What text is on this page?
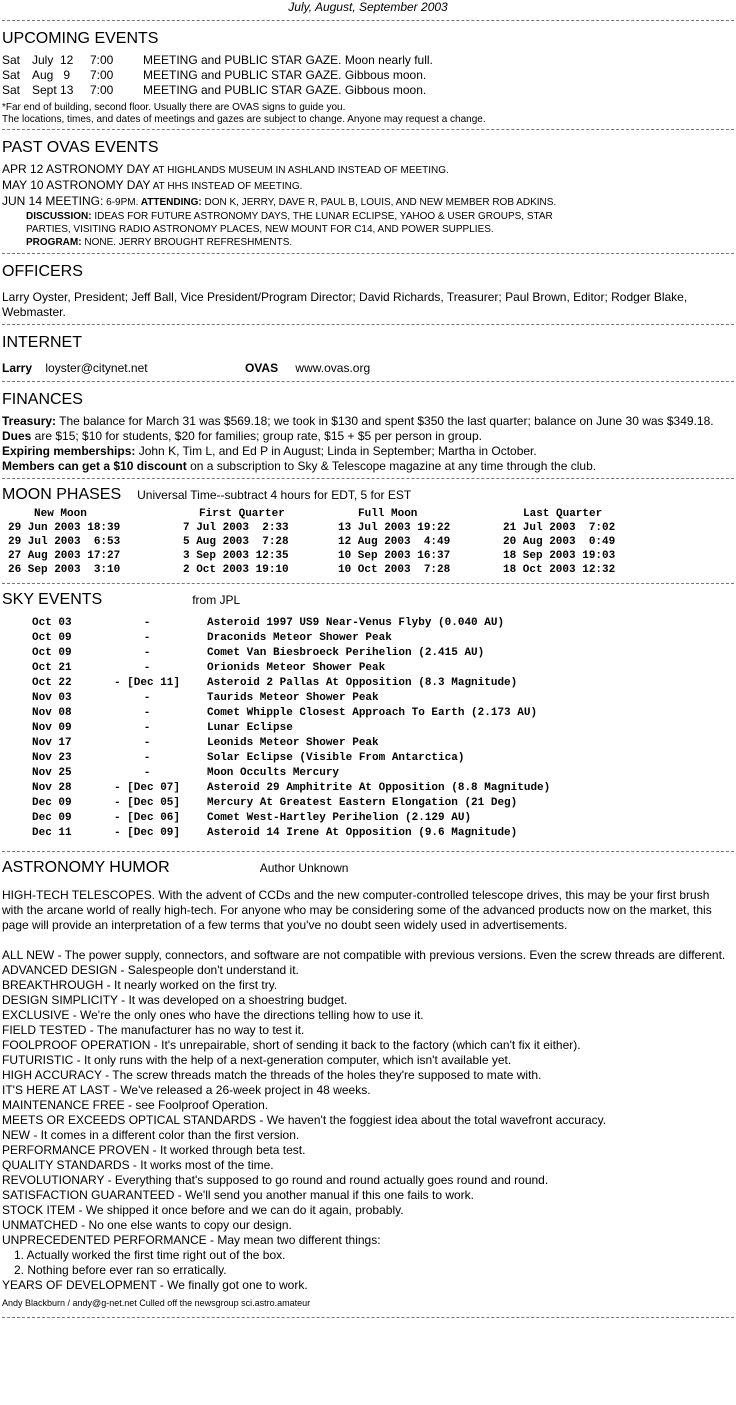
July, August, September 2003
UPCOMING EVENTS
Sat July  12	7:00	MEETING and PUBLIC STAR GAZE. Moon nearly full.
Sat Aug   9	7:00	MEETING and PUBLIC STAR GAZE. Gibbous moon.
Sat Sept 13	7:00	MEETING and PUBLIC STAR GAZE. Gibbous moon.
*Far end of building, second floor. Usually there are OVAS signs to guide you.
The locations, times, and dates of meetings and gazes are subject to change. Anyone may request a change.
PAST OVAS EVENTS
APR 12 ASTRONOMY DAY AT HIGHLANDS MUSEUM IN ASHLAND INSTEAD OF MEETING.
MAY 10 ASTRONOMY DAY AT HHS INSTEAD OF MEETING.
JUN 14 MEETING: 6-9PM. ATTENDING: DON K, JERRY, DAVE R, PAUL B, LOUIS, AND NEW MEMBER ROB ADKINS.
DISCUSSION: IDEAS FOR FUTURE ASTRONOMY DAYS, THE LUNAR ECLIPSE, YAHOO & USER GROUPS, STAR
PARTIES, VISITING RADIO ASTRONOMY PLACES, NEW MOUNT FOR C14, AND POWER SUPPLIES.
PROGRAM: NONE. JERRY BROUGHT REFRESHMENTS.
OFFICERS

Larry Oyster, President; Jeff Ball, Vice President/Program Director; David Richards, Treasurer; Paul Brown, Editor; Rodger Blake, Webmaster.

INTERNET
Larry loyster@citynet.net	OVAS www.ovas.org
FINANCES

Treasury: The balance for March 31 was $569.18; we took in $130 and spent $350 the last quarter; balance on June 30 was $349.18.

Dues are $15; $10 for students, $20 for families; group rate, $15 + $5 per person in group.

Expiring memberships: John K, Tim L, and Ed P in August; Linda in September; Martha in October.

Members can get a $10 discount on a subscription to Sky & Telescope magazine at any time through the club.

MOON PHASES Universal Time--subtract 4 hours for EDT, 5 for EST
New Moon	First Quarter	Full Moon	Last Quarter
29 Jun 2003 18:39	7 Jul 2003  2:33	13 Jul 2003 19:22	21 Jul 2003  7:02
29 Jul 2003  6:53	5 Aug 2003  7:28	12 Aug 2003  4:49	20 Aug 2003  0:49
27 Aug 2003 17:27	3 Sep 2003 12:35	10 Sep 2003 16:37	18 Sep 2003 19:03
26 Sep 2003  3:10	2 Oct 2003 19:10	10 Oct 2003  7:28	18 Oct 2003 12:32
SKY EVENTS	from JPL
Oct 03	-	Asteroid 1997 US9 Near-Venus Flyby (0.040 AU)
Oct 09	-	Draconids Meteor Shower Peak
Oct 09	-	Comet Van Biesbroeck Perihelion (2.415 AU)
Oct 21	-	Orionids Meteor Shower Peak
Oct 22	- [Dec 11]	Asteroid 2 Pallas At Opposition (8.3 Magnitude)
Nov 03	-	Taurids Meteor Shower Peak
Nov 08	-	Comet Whipple Closest Approach To Earth (2.173 AU)
Nov 09	-	Lunar Eclipse
Nov 17	-	Leonids Meteor Shower Peak
Nov 23	-	Solar Eclipse (Visible From Antarctica)
Nov 25	-	Moon Occults Mercury
Nov 28	- [Dec 07]	Asteroid 29 Amphitrite At Opposition (8.8 Magnitude)
Dec 09	- [Dec 05]	Mercury At Greatest Eastern Elongation (21 Deg)
Dec 09	- [Dec 06]	Comet West-Hartley Perihelion (2.129 AU)
Dec 11	- [Dec 09]	Asteroid 14 Irene At Opposition (9.6 Magnitude)
ASTRONOMY HUMOR	Author Unknown

HIGH-TECH TELESCOPES. With the advent of CCDs and the new computer-controlled telescope drives, this may be your first brush with the arcane world of really high-tech. For anyone who may be considering some of the advanced products now on the market, this page will provide an interpretation of a few terms that you've no doubt seen widely used in advertisements.

ALL NEW - The power supply, connectors, and software are not compatible with previous versions. Even the screw threads are different.
ADVANCED DESIGN - Salespeople don't understand it.
BREAKTHROUGH - It nearly worked on the first try.
DESIGN SIMPLICITY - It was developed on a shoestring budget.
EXCLUSIVE - We're the only ones who have the directions telling how to use it.
FIELD TESTED - The manufacturer has no way to test it.
FOOLPROOF OPERATION - It's unrepairable, short of sending it back to the factory (which can't fix it either).
FUTURISTIC - It only runs with the help of a next-generation computer, which isn't available yet.
HIGH ACCURACY - The screw threads match the threads of the holes they're supposed to mate with.
IT'S HERE AT LAST - We've released a 26-week project in 48 weeks.
MAINTENANCE FREE - see Foolproof Operation.
MEETS OR EXCEEDS OPTICAL STANDARDS - We haven't the foggiest idea about the total wavefront accuracy.
NEW - It comes in a different color than the first version.
PERFORMANCE PROVEN - It worked through beta test.
QUALITY STANDARDS - It works most of the time.
REVOLUTIONARY - Everything that's supposed to go round and round actually goes round and round.
SATISFACTION GUARANTEED - We'll send you another manual if this one fails to work.
STOCK ITEM - We shipped it once before and we can do it again, probably.
UNMATCHED - No one else wants to copy our design.
UNPRECEDENTED PERFORMANCE - May mean two different things:
1. Actually worked the first time right out of the box.
2. Nothing before ever ran so erratically.
YEARS OF DEVELOPMENT - We finally got one to work.
Andy Blackburn / andy@g-net.net Culled off the newsgroup sci.astro.amateur
